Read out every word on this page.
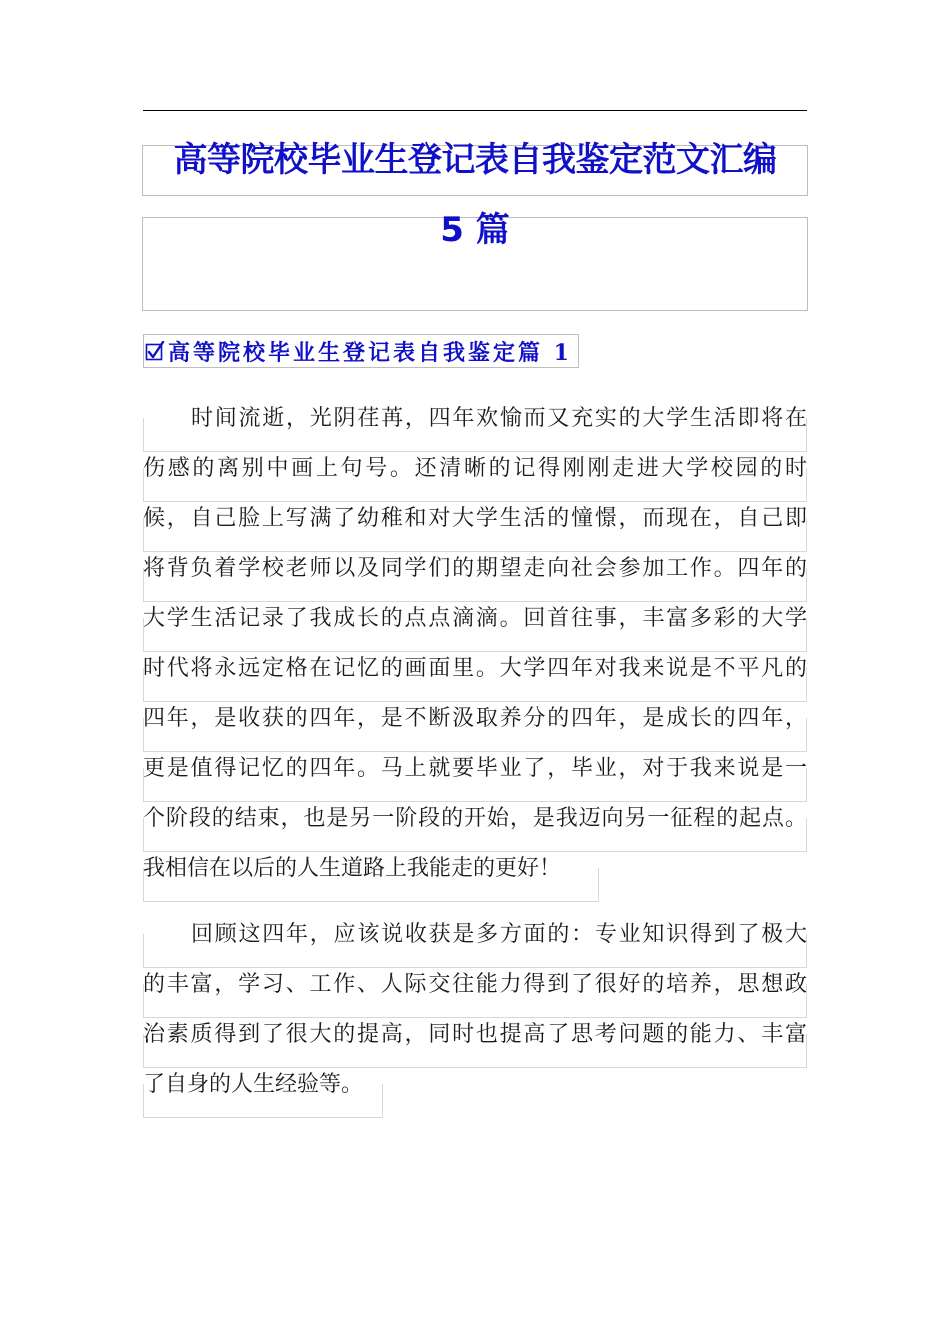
高等院校毕业生登记表自我鉴定范文汇编
5 篇
高等院校毕业生登记表自我鉴定篇 1
时间流逝，光阴荏苒，四年欢愉而又充实的大学生活即将在
伤感的离别中画上句号。还清晰的记得刚刚走进大学校园的时
候，自己脸上写满了幼稚和对大学生活的憧憬，而现在，自己即
将背负着学校老师以及同学们的期望走向社会参加工作。四年的
大学生活记录了我成长的点点滴滴。回首往事，丰富多彩的大学
时代将永远定格在记忆的画面里。大学四年对我来说是不平凡的
四年，是收获的四年，是不断汲取养分的四年，是成长的四年，
更是值得记忆的四年。马上就要毕业了，毕业，对于我来说是一
个阶段的结束，也是另一阶段的开始，是我迈向另一征程的起点。
我相信在以后的人生道路上我能走的更好！
回顾这四年，应该说收获是多方面的：专业知识得到了极大
的丰富，学习、工作、人际交往能力得到了很好的培养，思想政
治素质得到了很大的提高，同时也提高了思考问题的能力、丰富
了自身的人生经验等。
